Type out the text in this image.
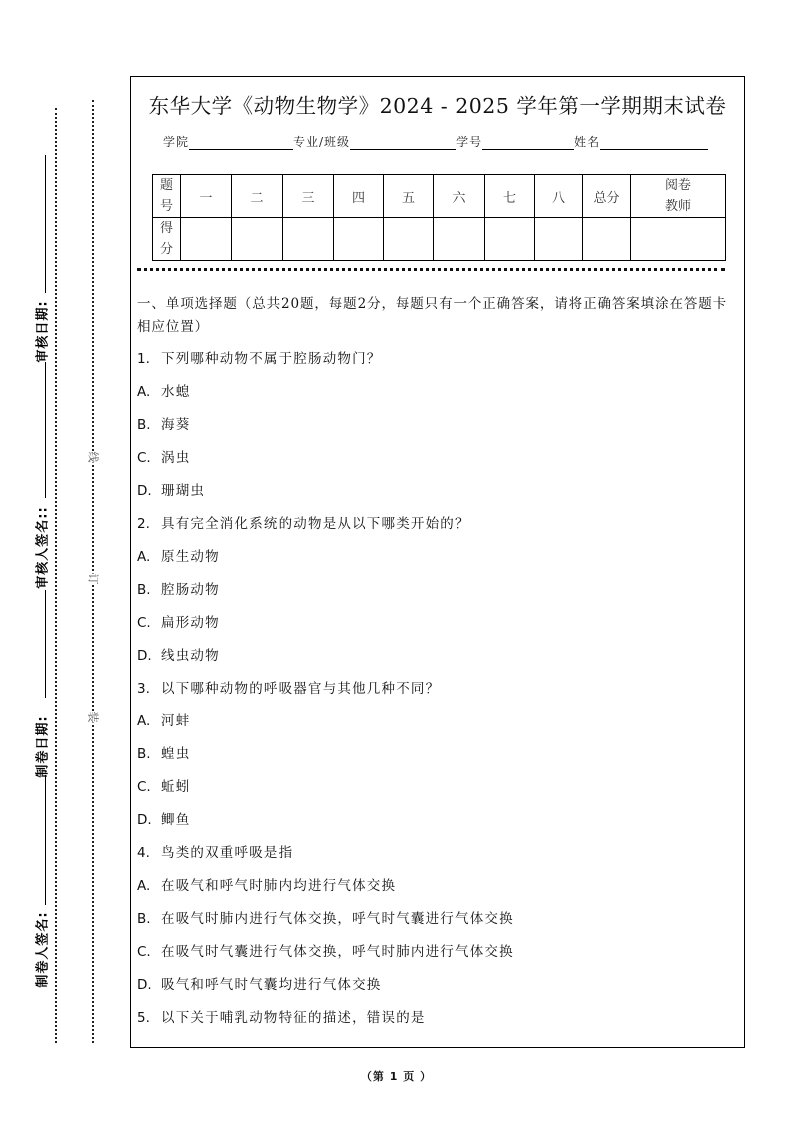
审核日期:
审核人签名::
制卷日期:
制卷人签名:
线
订
装
东华大学《动物生物学》2024 - 2025 学年第一学期期末试卷
学院	专业/班级	学号	姓名
题号	一	二	三	四	五	六	七	八	总分	阅卷教师
得分										
一、单项选择题（总共20题，每题2分，每题只有一个正确答案，请将正确答案填涂在答题卡相应位置）
1. 下列哪种动物不属于腔肠动物门？
A. 水螅
B. 海葵
C. 涡虫
D. 珊瑚虫
2. 具有完全消化系统的动物是从以下哪类开始的？
A. 原生动物
B. 腔肠动物
C. 扁形动物
D. 线虫动物
3. 以下哪种动物的呼吸器官与其他几种不同？
A. 河蚌
B. 蝗虫
C. 蚯蚓
D. 鲫鱼
4. 鸟类的双重呼吸是指
A. 在吸气和呼气时肺内均进行气体交换
B. 在吸气时肺内进行气体交换，呼气时气囊进行气体交换
C. 在吸气时气囊进行气体交换，呼气时肺内进行气体交换
D. 吸气和呼气时气囊均进行气体交换
5. 以下关于哺乳动物特征的描述，错误的是
（第 1 页 ）
